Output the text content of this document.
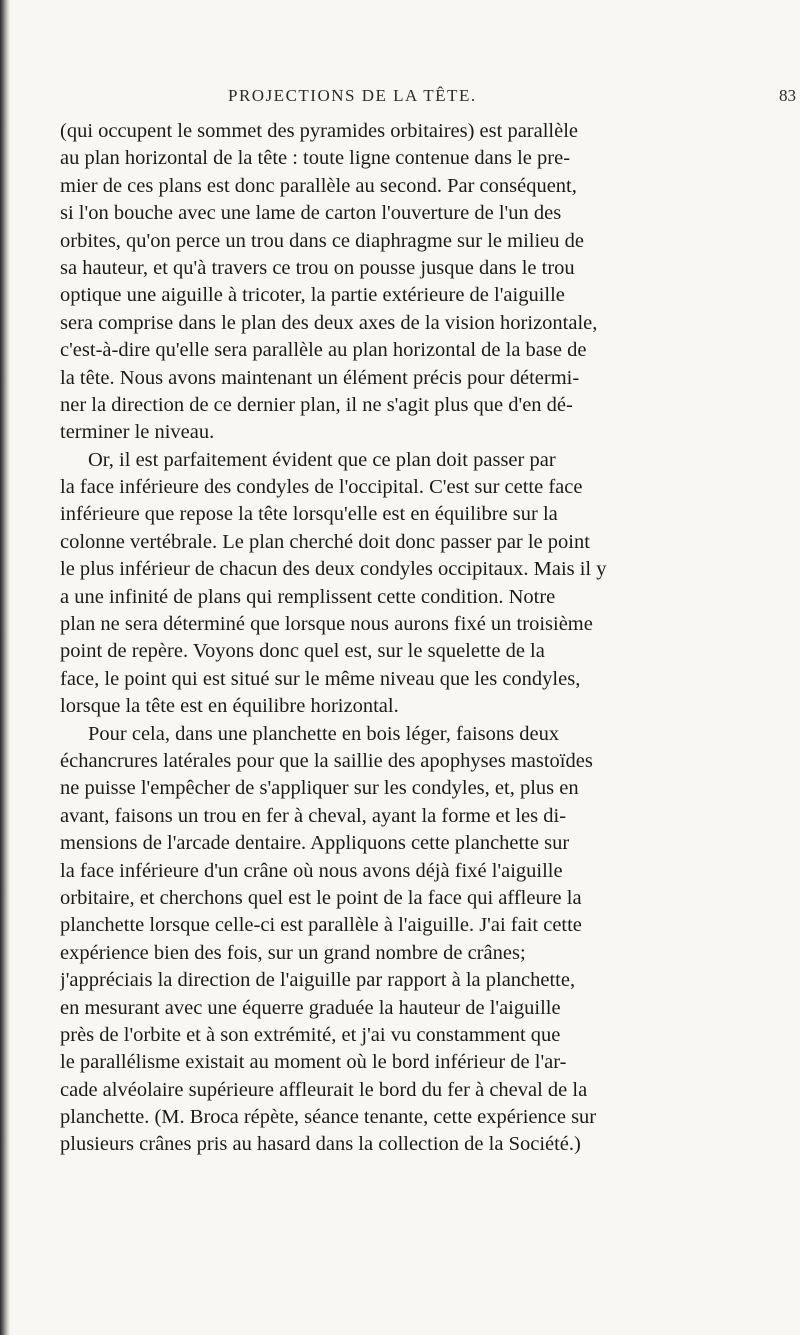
PROJECTIONS DE LA TÊTE.	83
(qui occupent le sommet des pyramides orbitaires) est parallèle
au plan horizontal de la tête : toute ligne contenue dans le pre-
mier de ces plans est donc parallèle au second. Par conséquent,
si l'on bouche avec une lame de carton l'ouverture de l'un des
orbites, qu'on perce un trou dans ce diaphragme sur le milieu de
sa hauteur, et qu'à travers ce trou on pousse jusque dans le trou
optique une aiguille à tricoter, la partie extérieure de l'aiguille
sera comprise dans le plan des deux axes de la vision horizontale,
c'est-à-dire qu'elle sera parallèle au plan horizontal de la base de
la tête. Nous avons maintenant un élément précis pour détermi-
ner la direction de ce dernier plan, il ne s'agit plus que d'en dé-
terminer le niveau.
Or, il est parfaitement évident que ce plan doit passer par
la face inférieure des condyles de l'occipital. C'est sur cette face
inférieure que repose la tête lorsqu'elle est en équilibre sur la
colonne vertébrale. Le plan cherché doit donc passer par le point
le plus inférieur de chacun des deux condyles occipitaux. Mais il y
a une infinité de plans qui remplissent cette condition. Notre
plan ne sera déterminé que lorsque nous aurons fixé un troisième
point de repère. Voyons donc quel est, sur le squelette de la
face, le point qui est situé sur le même niveau que les condyles,
lorsque la tête est en équilibre horizontal.
Pour cela, dans une planchette en bois léger, faisons deux
échancrures latérales pour que la saillie des apophyses mastoïdes
ne puisse l'empêcher de s'appliquer sur les condyles, et, plus en
avant, faisons un trou en fer à cheval, ayant la forme et les di-
mensions de l'arcade dentaire. Appliquons cette planchette sur
la face inférieure d'un crâne où nous avons déjà fixé l'aiguille
orbitaire, et cherchons quel est le point de la face qui affleure la
planchette lorsque celle-ci est parallèle à l'aiguille. J'ai fait cette
expérience bien des fois, sur un grand nombre de crânes;
j'appréciais la direction de l'aiguille par rapport à la planchette,
en mesurant avec une équerre graduée la hauteur de l'aiguille
près de l'orbite et à son extrémité, et j'ai vu constamment que
le parallélisme existait au moment où le bord inférieur de l'ar-
cade alvéolaire supérieure affleurait le bord du fer à cheval de la
planchette. (M. Broca répète, séance tenante, cette expérience sur
plusieurs crânes pris au hasard dans la collection de la Société.)
